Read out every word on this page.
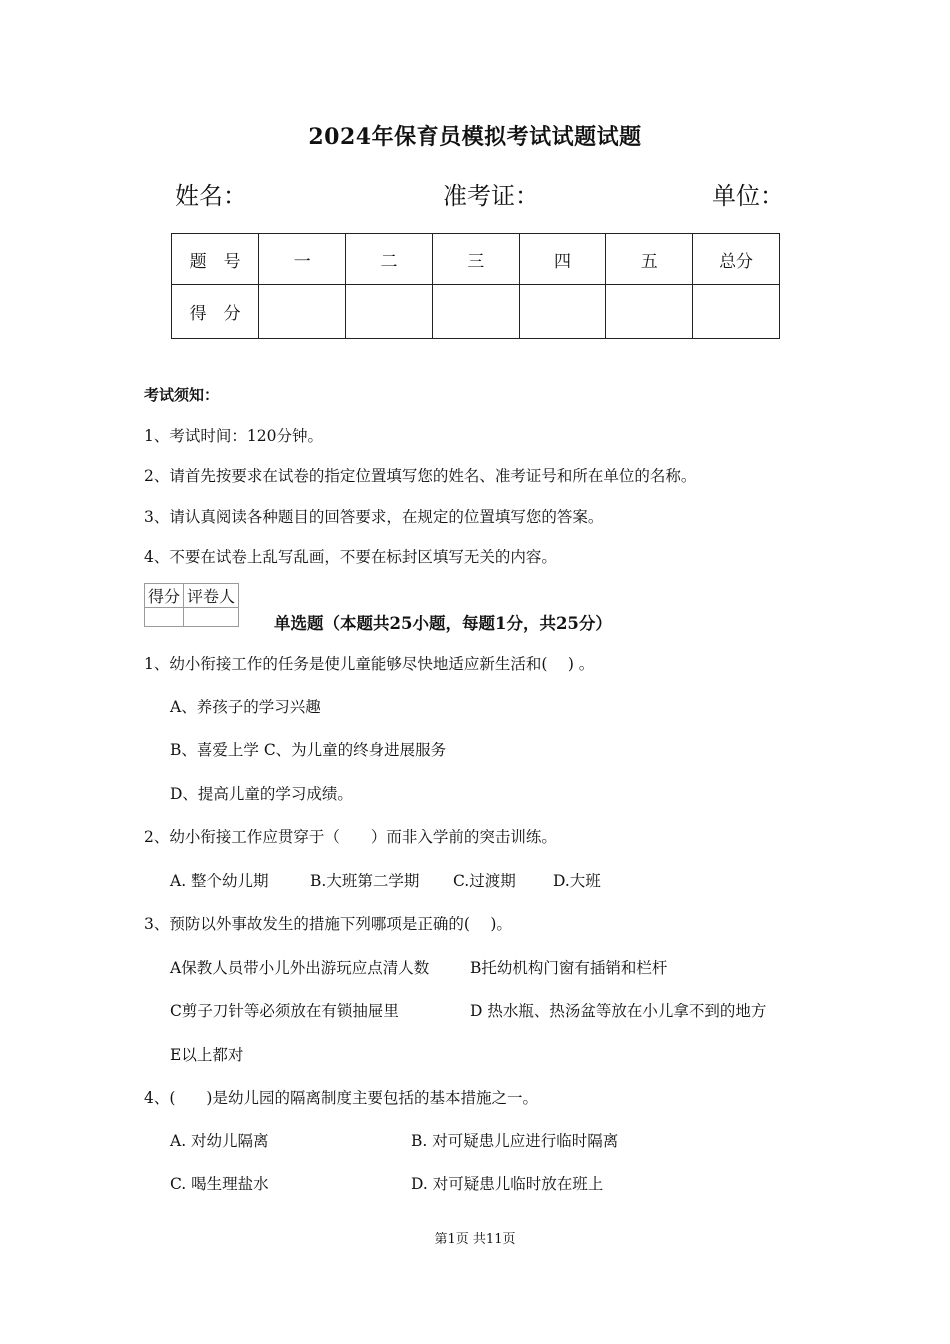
2024年保育员模拟考试试题试题
姓名：	准考证：	单位：
题　号	一	二	三	四	五	总分
得　分						
考试须知：
1、考试时间：120分钟。
2、请首先按要求在试卷的指定位置填写您的姓名、准考证号和所在单位的名称。
3、请认真阅读各种题目的回答要求，在规定的位置填写您的答案。
4、不要在试卷上乱写乱画，不要在标封区填写无关的内容。
得分	评卷人

单选题（本题共25小题，每题1分，共25分）
1、幼小衔接工作的任务是使儿童能够尽快地适应新生活和(　 ) 。
A、养孩子的学习兴趣
B、喜爱上学 C、为儿童的终身进展服务
D、提高儿童的学习成绩。
2、幼小衔接工作应贯穿于（　　）而非入学前的突击训练。
A. 整个幼儿期	B.大班第二学期 C.过渡期 D.大班
3、预防以外事故发生的措施下列哪项是正确的(　 )。
A保教人员带小儿外出游玩应点清人数	B托幼机构门窗有插销和栏杆
C剪子刀针等必须放在有锁抽屉里	D 热水瓶、热汤盆等放在小儿拿不到的地方
E以上都对
4、(　　)是幼儿园的隔离制度主要包括的基本措施之一。
A. 对幼儿隔离	B. 对可疑患儿应进行临时隔离
C. 喝生理盐水	D. 对可疑患儿临时放在班上
第1页 共11页
